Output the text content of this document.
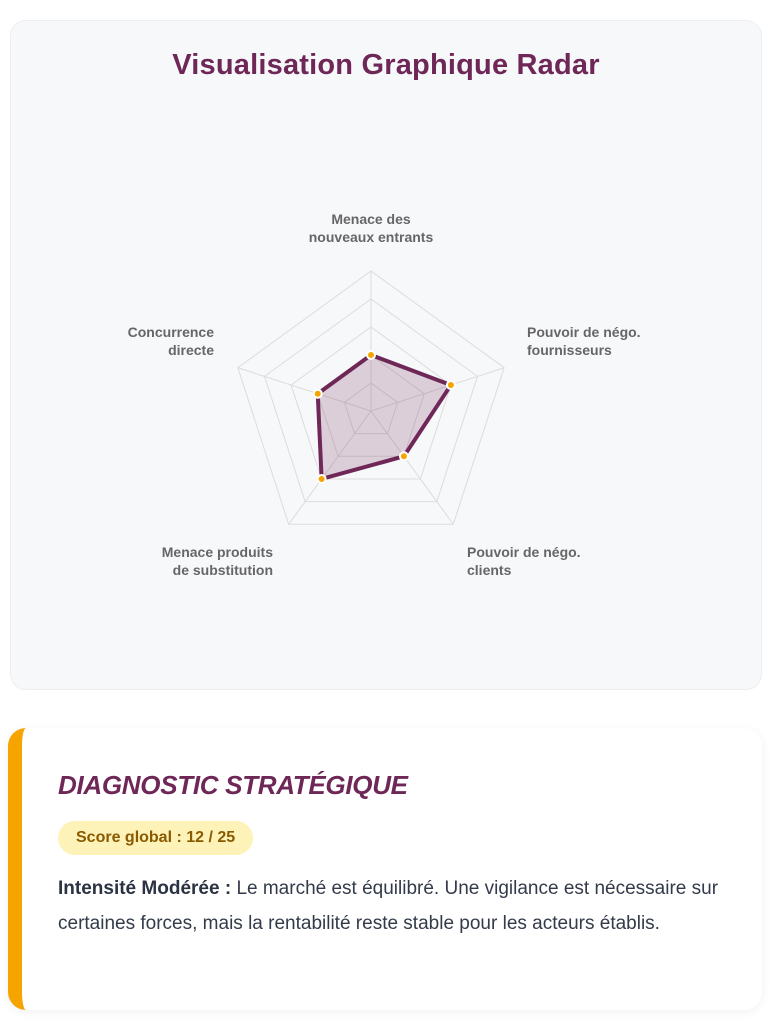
Visualisation Graphique Radar
Menace des nouveaux entrants
Pouvoir de négo. fournisseurs
Pouvoir de négo. clients
Menace produits de substitution
Concurrence directe
DIAGNOSTIC STRATÉGIQUE
Score global : 12 / 25
Intensité Modérée : Le marché est équilibré. Une vigilance est nécessaire sur certaines forces, mais la rentabilité reste stable pour les acteurs établis.
